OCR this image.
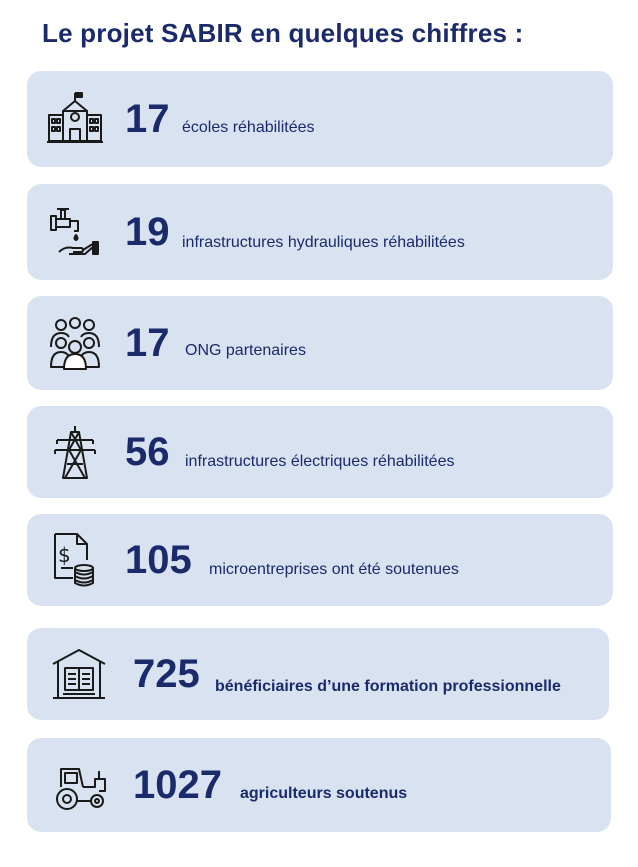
Le projet SABIR en quelques chiffres :
17 écoles réhabilitées
19 infrastructures hydrauliques réhabilitées
17 ONG partenaires
56 infrastructures électriques réhabilitées
$ 105 microentreprises ont été soutenues
725 bénéficiaires d’une formation professionnelle
1027 agriculteurs soutenus
